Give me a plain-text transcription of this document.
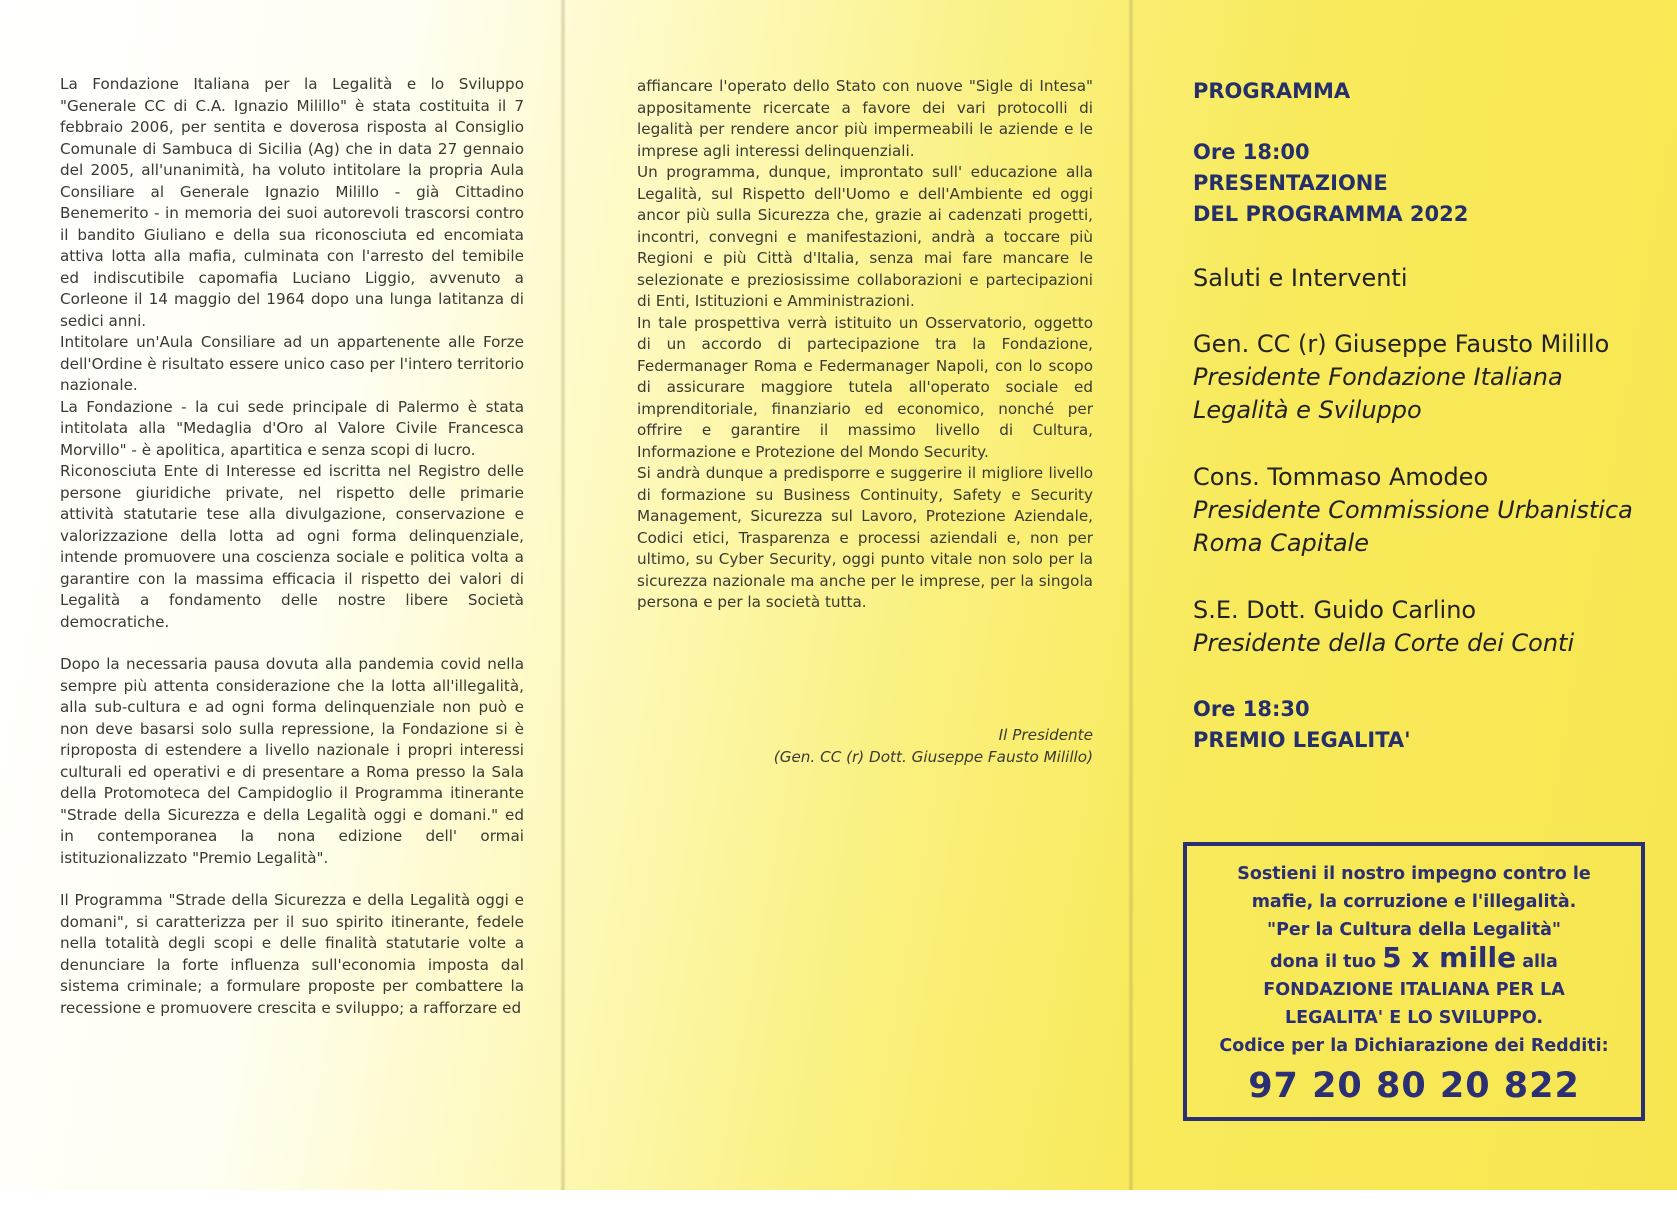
La Fondazione Italiana per la Legalità e lo Sviluppo "Generale CC di C.A. Ignazio Milillo" è stata costituita il 7 febbraio 2006, per sentita e doverosa risposta al Consiglio Comunale di Sambuca di Sicilia (Ag) che in data 27 gennaio del 2005, all'unanimità, ha voluto intitolare la propria Aula Consiliare al Generale Ignazio Milillo - già Cittadino Benemerito - in memoria dei suoi autorevoli trascorsi contro il bandito Giuliano e della sua riconosciuta ed encomiata attiva lotta alla mafia, culminata con l'arresto del temibile ed indiscutibile capomafia Luciano Liggio, avvenuto a Corleone il 14 maggio del 1964 dopo una lunga latitanza di sedici anni.

Intitolare un'Aula Consiliare ad un appartenente alle Forze dell'Ordine è risultato essere unico caso per l'intero territorio nazionale.

La Fondazione - la cui sede principale di Palermo è stata intitolata alla "Medaglia d'Oro al Valore Civile Francesca Morvillo" - è apolitica, apartitica e senza scopi di lucro.

Riconosciuta Ente di Interesse ed iscritta nel Registro delle persone giuridiche private, nel rispetto delle primarie attività statutarie tese alla divulgazione, conservazione e valorizzazione della lotta ad ogni forma delinquenziale, intende promuovere una coscienza sociale e politica volta a garantire con la massima efficacia il rispetto dei valori di Legalità a fondamento delle nostre libere Società democratiche.

Dopo la necessaria pausa dovuta alla pandemia covid nella sempre più attenta considerazione che la lotta all'illegalità, alla sub-cultura e ad ogni forma delinquenziale non può e non deve basarsi solo sulla repressione, la Fondazione si è riproposta di estendere a livello nazionale i propri interessi culturali ed operativi e di presentare a Roma presso la Sala della Protomoteca del Campidoglio il Programma itinerante "Strade della Sicurezza e della Legalità oggi e domani." ed in contemporanea la nona edizione dell' ormai istituzionalizzato "Premio Legalità".

Il Programma "Strade della Sicurezza e della Legalità oggi e domani", si caratterizza per il suo spirito itinerante, fedele nella totalità degli scopi e delle finalità statutarie volte a denunciare la forte influenza sull'economia imposta dal sistema criminale; a formulare proposte per combattere la recessione e promuovere crescita e sviluppo; a rafforzare ed

affiancare l'operato dello Stato con nuove "Sigle di Intesa" appositamente ricercate a favore dei vari protocolli di legalità per rendere ancor più impermeabili le aziende e le imprese agli interessi delinquenziali.

Un programma, dunque, improntato sull' educazione alla Legalità, sul Rispetto dell'Uomo e dell'Ambiente ed oggi ancor più sulla Sicurezza che, grazie ai cadenzati progetti, incontri, convegni e manifestazioni, andrà a toccare più Regioni e più Città d'Italia, senza mai fare mancare le selezionate e preziosissime collaborazioni e partecipazioni di Enti, Istituzioni e Amministrazioni.

In tale prospettiva verrà istituito un Osservatorio, oggetto di un accordo di partecipazione tra la Fondazione, Federmanager Roma e Federmanager Napoli, con lo scopo di assicurare maggiore tutela all'operato sociale ed imprenditoriale, finanziario ed economico, nonché per offrire e garantire il massimo livello di Cultura, Informazione e Protezione del Mondo Security.

Si andrà dunque a predisporre e suggerire il migliore livello di formazione su Business Continuity, Safety e Security Management, Sicurezza sul Lavoro, Protezione Aziendale, Codici etici, Trasparenza e processi aziendali e, non per ultimo, su Cyber Security, oggi punto vitale non solo per la sicurezza nazionale ma anche per le imprese, per la singola persona e per la società tutta.

Il Presidente
(Gen. CC (r) Dott. Giuseppe Fausto Milillo)

PROGRAMMA

Ore 18:00

PRESENTAZIONE

DEL PROGRAMMA 2022

Saluti e Interventi

Gen. CC (r) Giuseppe Fausto Milillo

Presidente Fondazione Italiana

Legalità e Sviluppo

Cons. Tommaso Amodeo

Presidente Commissione Urbanistica

Roma Capitale

S.E. Dott. Guido Carlino

Presidente della Corte dei Conti

Ore 18:30

PREMIO LEGALITA'

Sostieni il nostro impegno contro le

mafie, la corruzione e l'illegalità.

"Per la Cultura della Legalità"

dona il tuo 5 x mille alla

FONDAZIONE ITALIANA PER LA

LEGALITA' E LO SVILUPPO.

Codice per la Dichiarazione dei Redditi:

97 20 80 20 822
